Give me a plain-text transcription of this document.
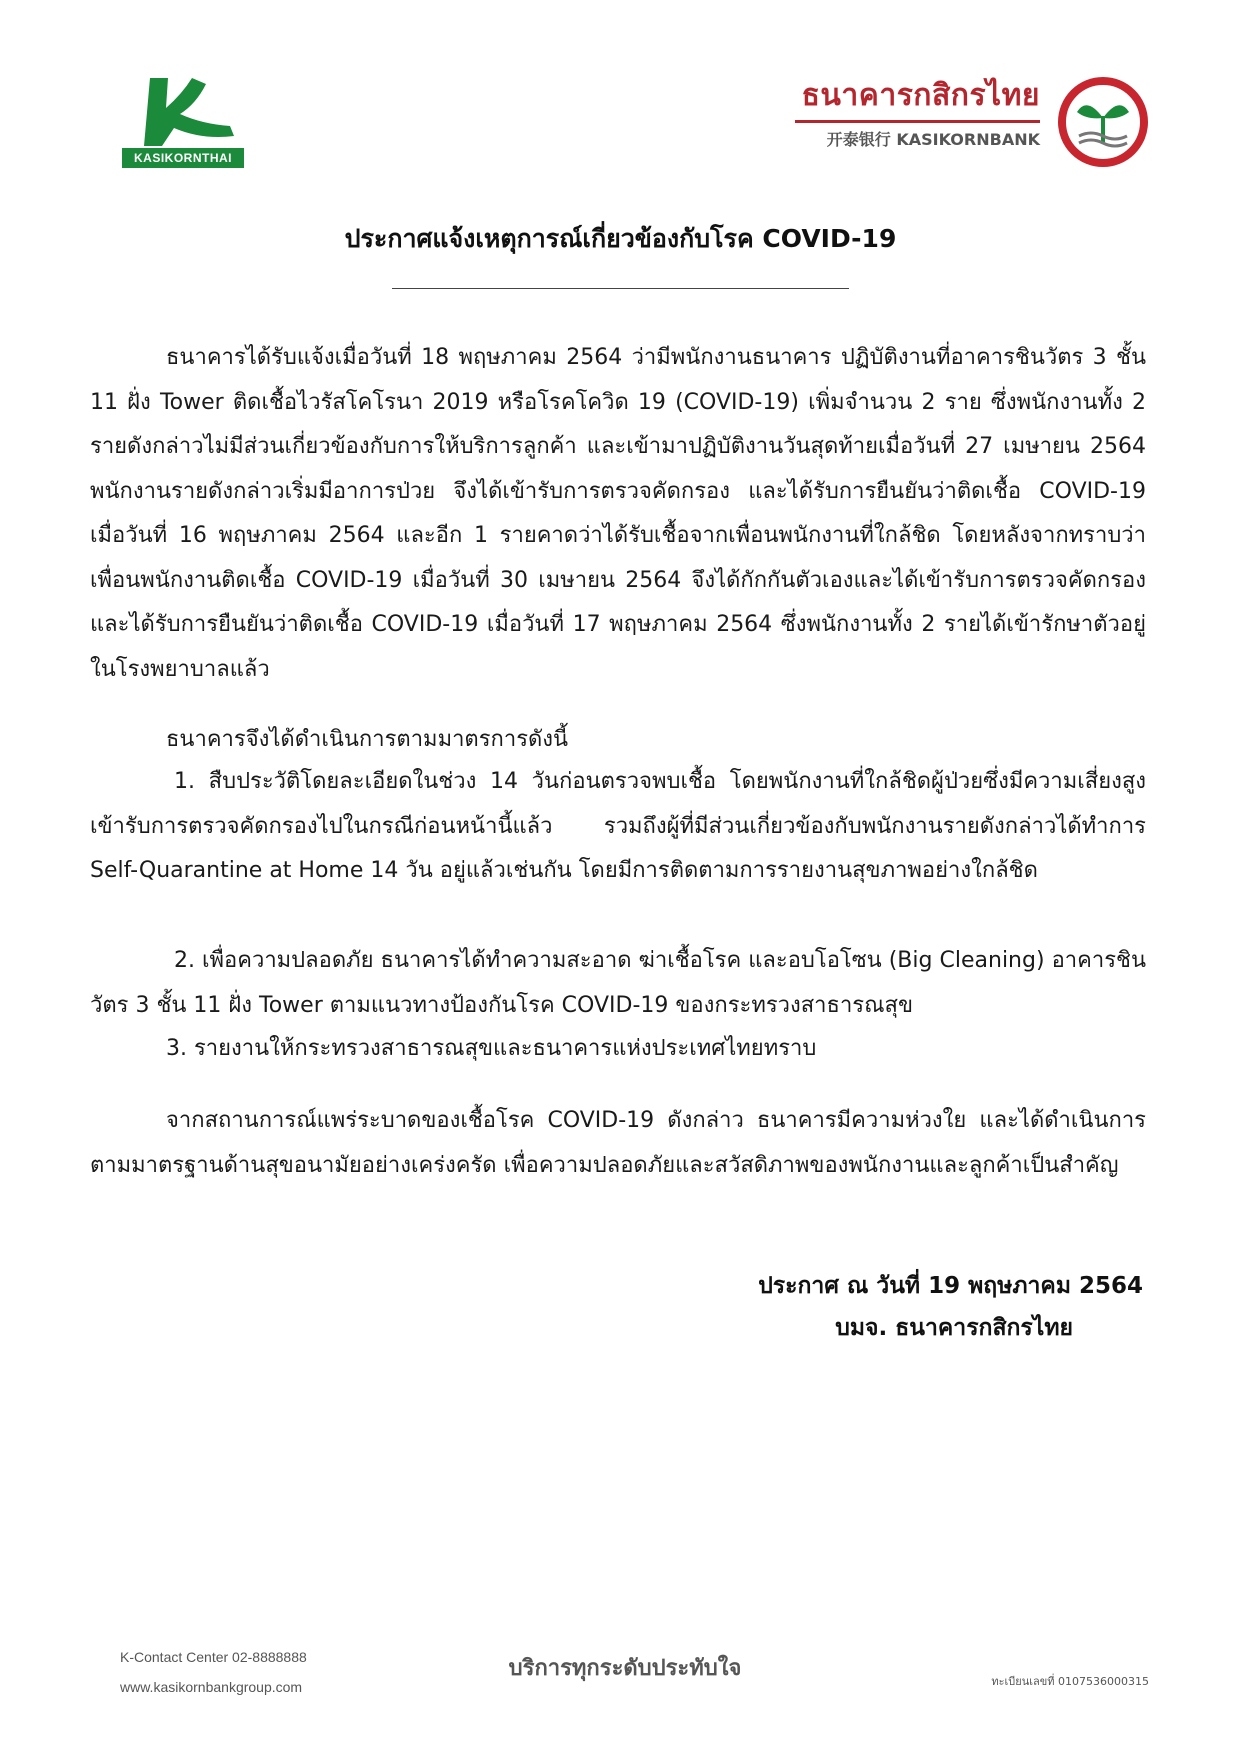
KASIKORNTHAI
ธนาคารกสิกรไทย
开泰银行 KASIKORNBANK
ประกาศแจ้งเหตุการณ์เกี่ยวข้องกับโรค COVID-19
ธนาคารได้รับแจ้งเมื่อวันที่ 18 พฤษภาคม 2564 ว่ามีพนักงานธนาคาร ปฏิบัติงานที่อาคารชินวัตร 3 ชั้น 11 ฝั่ง Tower ติดเชื้อไวรัสโคโรนา 2019 หรือโรคโควิด 19 (COVID-19) เพิ่มจำนวน 2 ราย ซึ่งพนักงานทั้ง 2 รายดังกล่าวไม่มีส่วนเกี่ยวข้องกับการให้บริการลูกค้า และเข้ามาปฏิบัติงานวันสุดท้ายเมื่อวันที่ 27 เมษายน 2564 พนักงานรายดังกล่าวเริ่มมีอาการป่วย จึงได้เข้ารับการตรวจคัดกรอง และได้รับการยืนยันว่าติดเชื้อ COVID-19 เมื่อวันที่ 16 พฤษภาคม 2564 และอีก 1 รายคาดว่าได้รับเชื้อจากเพื่อนพนักงานที่ใกล้ชิด โดยหลังจากทราบว่าเพื่อนพนักงานติดเชื้อ COVID-19 เมื่อวันที่ 30 เมษายน 2564 จึงได้กักกันตัวเองและได้เข้ารับการตรวจคัดกรอง และได้รับการยืนยันว่าติดเชื้อ COVID-19 เมื่อวันที่ 17 พฤษภาคม 2564 ซึ่งพนักงานทั้ง 2 รายได้เข้ารักษาตัวอยู่ในโรงพยาบาลแล้ว
ธนาคารจึงได้ดำเนินการตามมาตรการดังนี้
1. สืบประวัติโดยละเอียดในช่วง 14 วันก่อนตรวจพบเชื้อ โดยพนักงานที่ใกล้ชิดผู้ป่วยซึ่งมีความเสี่ยงสูงเข้ารับการตรวจคัดกรองไปในกรณีก่อนหน้านี้แล้ว รวมถึงผู้ที่มีส่วนเกี่ยวข้องกับพนักงานรายดังกล่าวได้ทำการ Self-Quarantine at Home 14 วัน อยู่แล้วเช่นกัน โดยมีการติดตามการรายงานสุขภาพอย่างใกล้ชิด
2. เพื่อความปลอดภัย ธนาคารได้ทำความสะอาด ฆ่าเชื้อโรค และอบโอโซน (Big Cleaning) อาคารชินวัตร 3 ชั้น 11 ฝั่ง Tower ตามแนวทางป้องกันโรค COVID-19 ของกระทรวงสาธารณสุข
3. รายงานให้กระทรวงสาธารณสุขและธนาคารแห่งประเทศไทยทราบ
จากสถานการณ์แพร่ระบาดของเชื้อโรค COVID-19 ดังกล่าว ธนาคารมีความห่วงใย และได้ดำเนินการตามมาตรฐานด้านสุขอนามัยอย่างเคร่งครัด เพื่อความปลอดภัยและสวัสดิภาพของพนักงานและลูกค้าเป็นสำคัญ
ประกาศ ณ วันที่ 19 พฤษภาคม 2564
บมจ. ธนาคารกสิกรไทย
K-Contact Center 02-8888888
www.kasikornbankgroup.com
บริการทุกระดับประทับใจ
ทะเบียนเลขที่ 0107536000315
